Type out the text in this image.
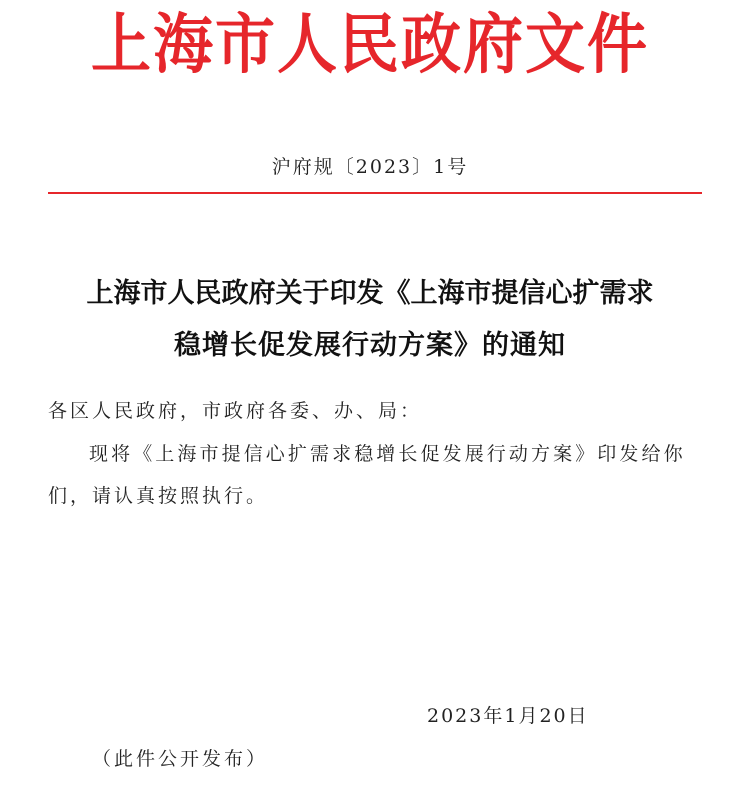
上海市人民政府文件
沪府规〔2023〕1号
上海市人民政府关于印发《上海市提信心扩需求
稳增长促发展行动方案》的通知
各区人民政府，市政府各委、办、局：
现将《上海市提信心扩需求稳增长促发展行动方案》印发给你
们，请认真按照执行。
2023年1月20日
（此件公开发布）
